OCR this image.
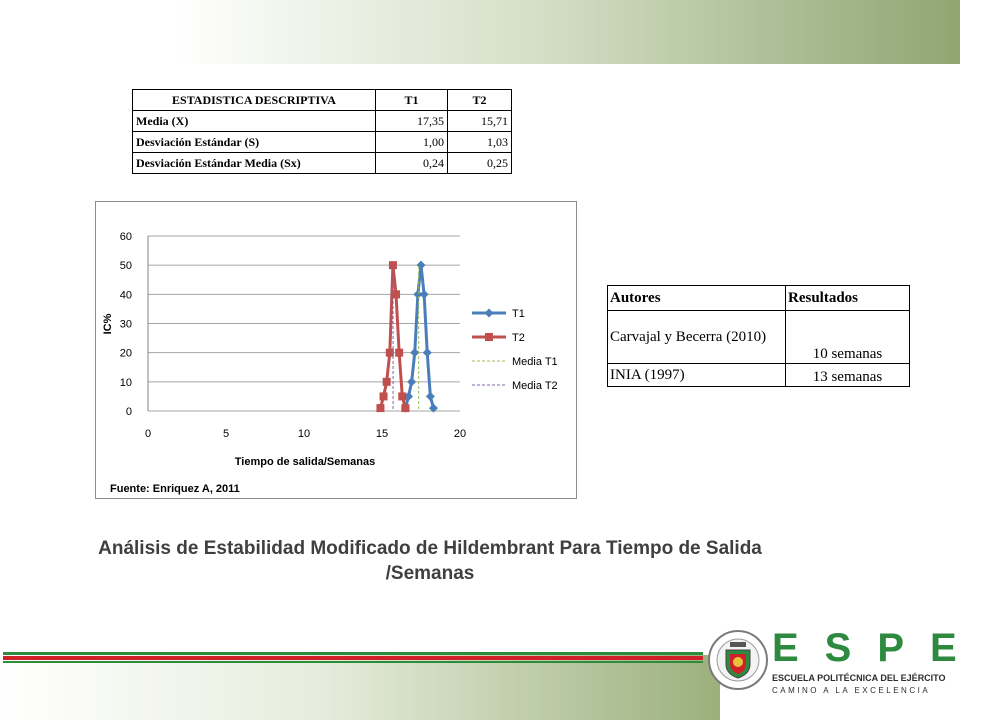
ESTADISTICA DESCRIPTIVA	T1	T2
Media (X)	17,35	15,71
Desviación Estándar (S)	1,00	1,03
Desviación Estándar Media (Sx)	0,24	0,25
0
10
20
30
40
50
60
0	5	10	15	20
IC%
Tiempo de salida/Semanas
Fuente: Enriquez A, 2011
T1
T2
Media T1
Media T2
Autores	Resultados
Carvajal y Becerra (2010)	10 semanas
INIA (1997)	13 semanas
Análisis de Estabilidad Modificado de Hildembrant Para Tiempo de Salida /Semanas
ESPE
ESCUELA POLITÉCNICA DEL EJÉRCITO
CAMINO A LA EXCELENCIA
